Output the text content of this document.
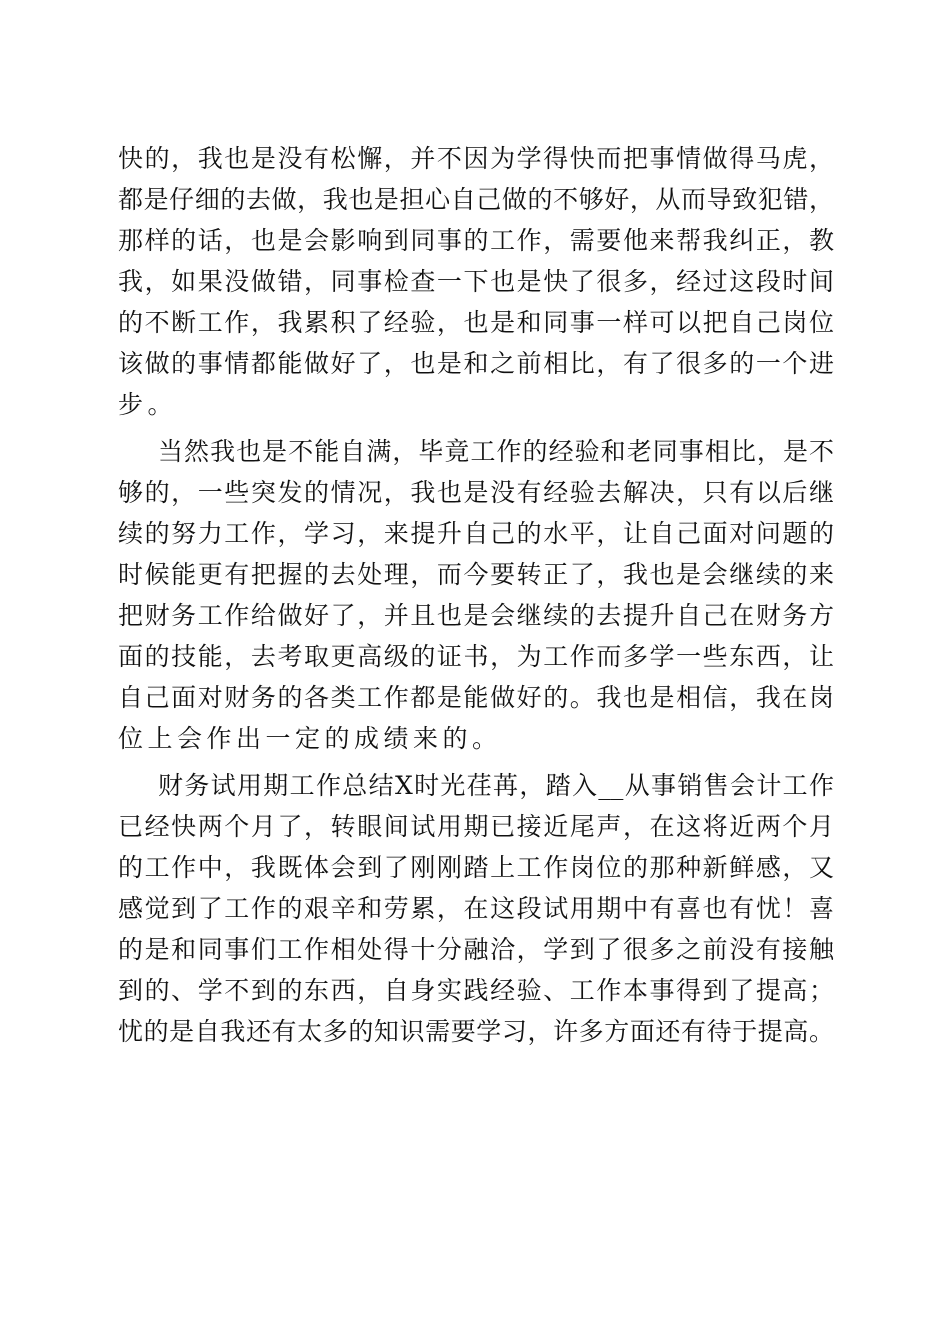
快的，我也是没有松懈，并不因为学得快而把事情做得马虎，
都是仔细的去做，我也是担心自己做的不够好，从而导致犯错，
那样的话，也是会影响到同事的工作，需要他来帮我纠正，教
我，如果没做错，同事检查一下也是快了很多，经过这段时间
的不断工作，我累积了经验，也是和同事一样可以把自己岗位
该做的事情都能做好了，也是和之前相比，有了很多的一个进
步。
当然我也是不能自满，毕竟工作的经验和老同事相比，是不
够的，一些突发的情况，我也是没有经验去解决，只有以后继
续的努力工作，学习，来提升自己的水平，让自己面对问题的
时候能更有把握的去处理，而今要转正了，我也是会继续的来
把财务工作给做好了，并且也是会继续的去提升自己在财务方
面的技能，去考取更高级的证书，为工作而多学一些东西，让
自己面对财务的各类工作都是能做好的。我也是相信，我在岗
位上会作出一定的成绩来的。
财务试用期工作总结X时光荏苒，踏入__从事销售会计工作
已经快两个月了，转眼间试用期已接近尾声，在这将近两个月
的工作中，我既体会到了刚刚踏上工作岗位的那种新鲜感，又
感觉到了工作的艰辛和劳累，在这段试用期中有喜也有忧！喜
的是和同事们工作相处得十分融洽，学到了很多之前没有接触
到的、学不到的东西，自身实践经验、工作本事得到了提高；
忧的是自我还有太多的知识需要学习，许多方面还有待于提高。
